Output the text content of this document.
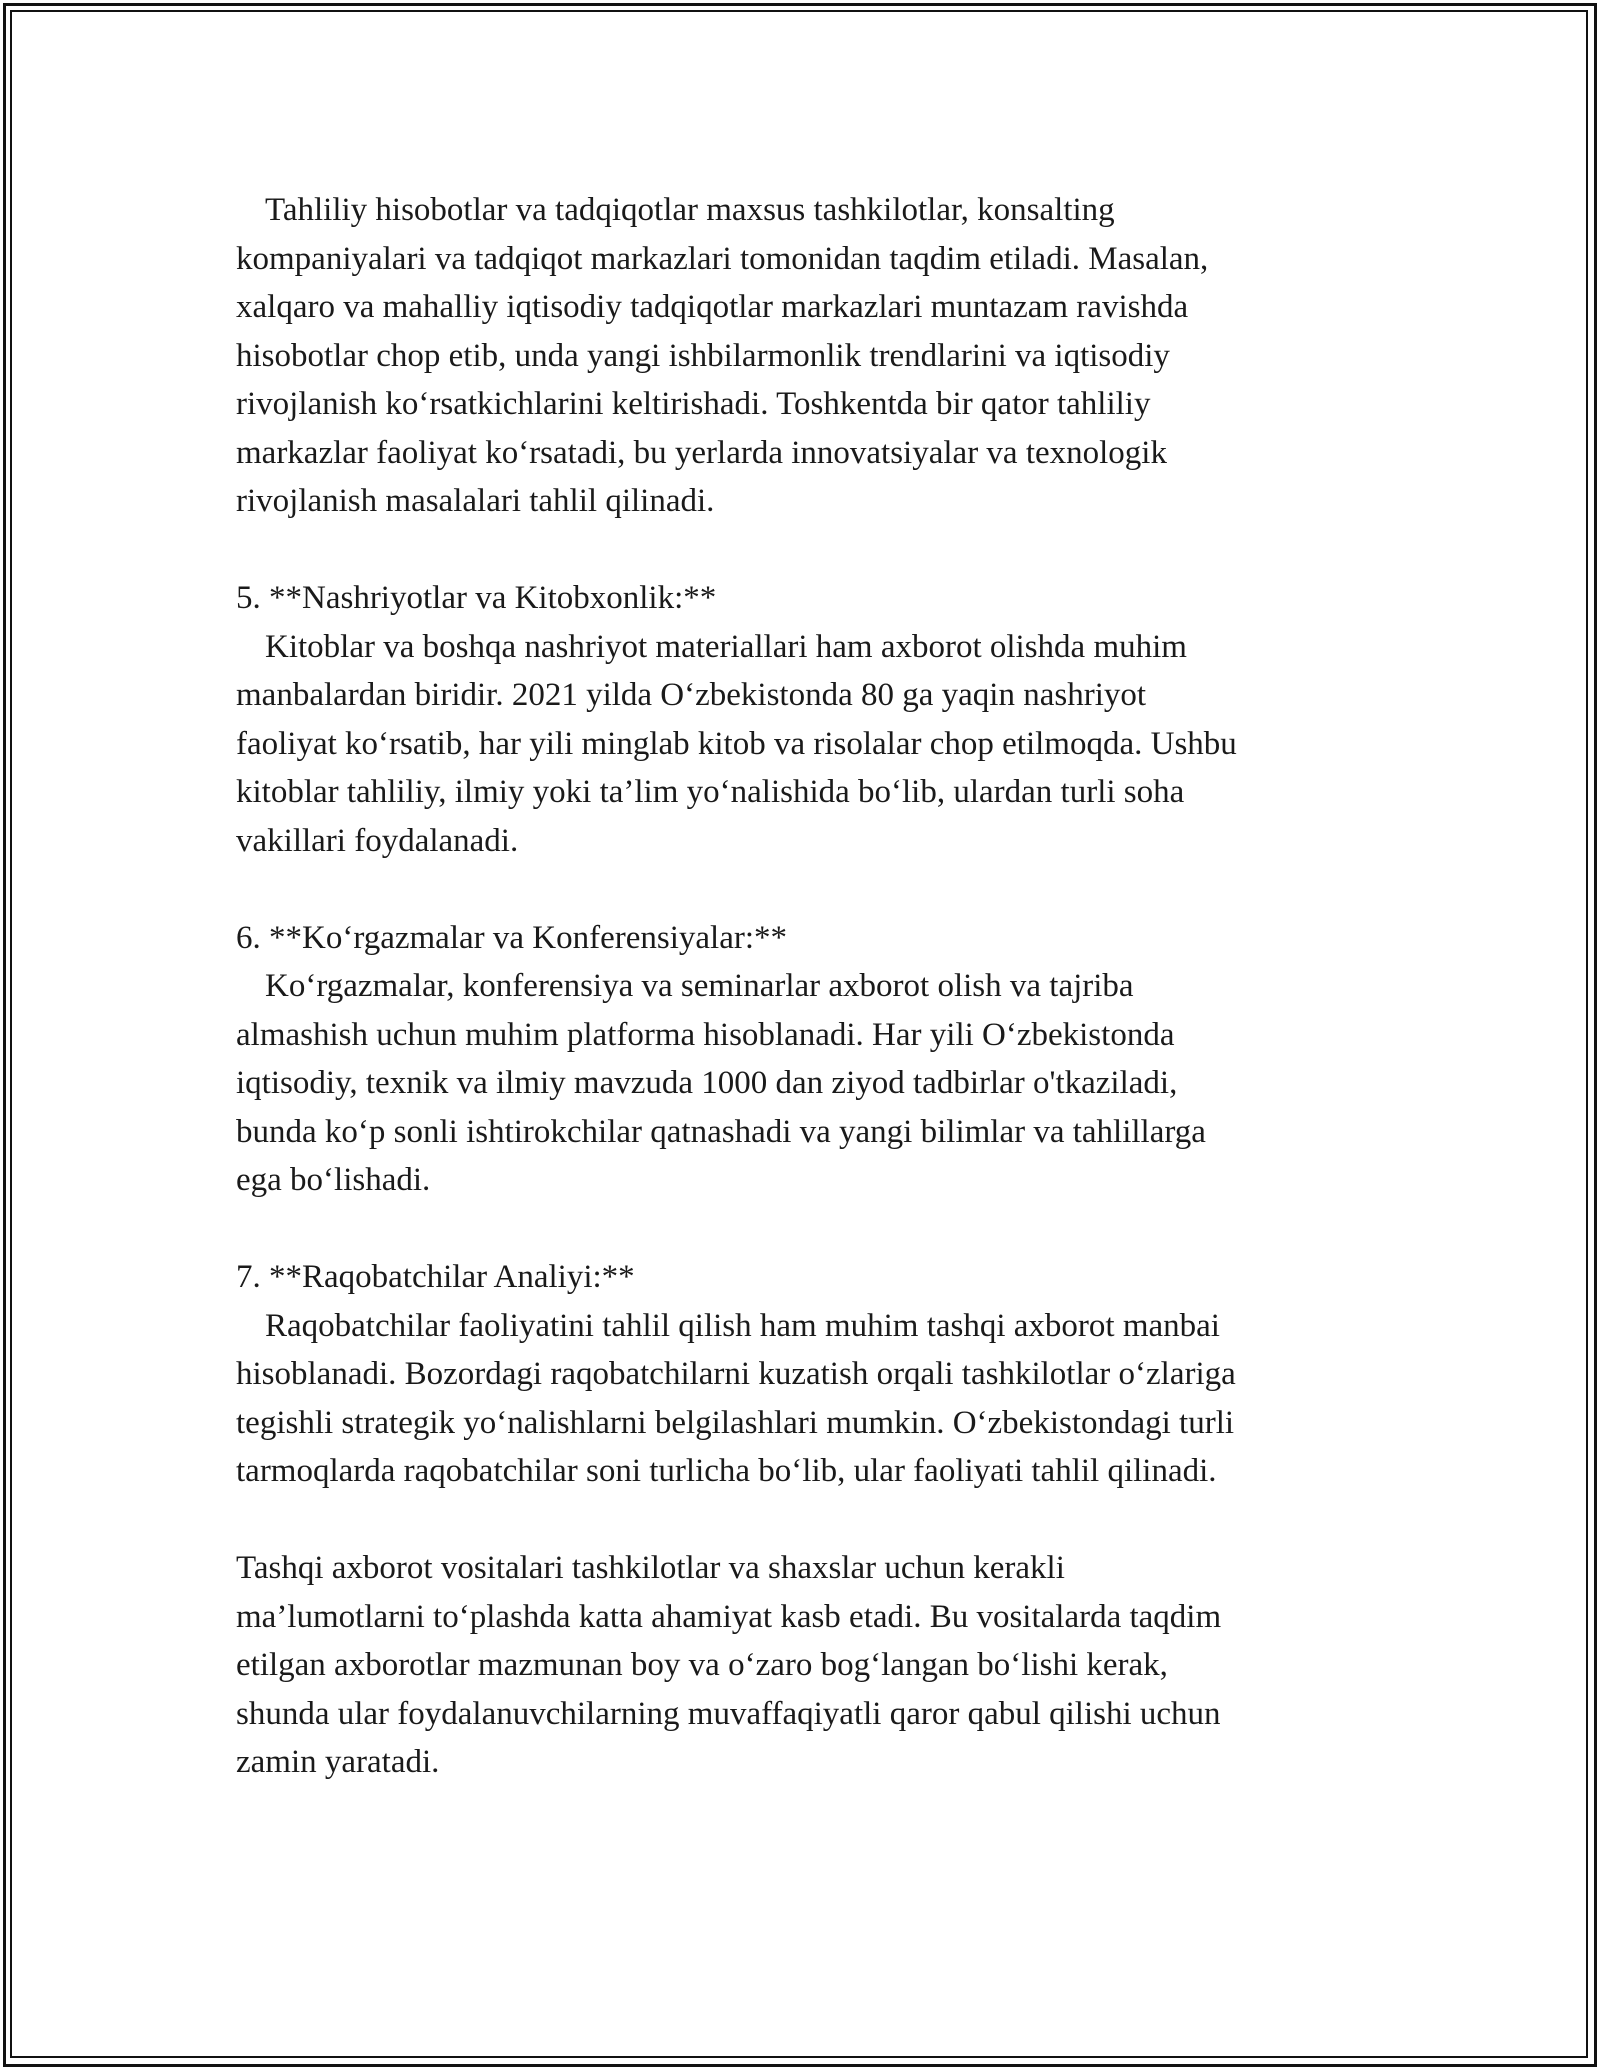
Tahliliy hisobotlar va tadqiqotlar maxsus tashkilotlar, konsalting
kompaniyalari va tadqiqot markazlari tomonidan taqdim etiladi. Masalan,
xalqaro va mahalliy iqtisodiy tadqiqotlar markazlari muntazam ravishda
hisobotlar chop etib, unda yangi ishbilarmonlik trendlarini va iqtisodiy
rivojlanish koʻrsatkichlarini keltirishadi. Toshkentda bir qator tahliliy
markazlar faoliyat koʻrsatadi, bu yerlarda innovatsiyalar va texnologik
rivojlanish masalalari tahlil qilinadi.
5. **Nashriyotlar va Kitobxonlik:**
Kitoblar va boshqa nashriyot materiallari ham axborot olishda muhim
manbalardan biridir. 2021 yilda Oʻzbekistonda 80 ga yaqin nashriyot
faoliyat koʻrsatib, har yili minglab kitob va risolalar chop etilmoqda. Ushbu
kitoblar tahliliy, ilmiy yoki ta’lim yoʻnalishida boʻlib, ulardan turli soha
vakillari foydalanadi.
6. **Koʻrgazmalar va Konferensiyalar:**
Koʻrgazmalar, konferensiya va seminarlar axborot olish va tajriba
almashish uchun muhim platforma hisoblanadi. Har yili Oʻzbekistonda
iqtisodiy, texnik va ilmiy mavzuda 1000 dan ziyod tadbirlar o'tkaziladi,
bunda koʻp sonli ishtirokchilar qatnashadi va yangi bilimlar va tahlillarga
ega boʻlishadi.
7. **Raqobatchilar Analiyi:**
Raqobatchilar faoliyatini tahlil qilish ham muhim tashqi axborot manbai
hisoblanadi. Bozordagi raqobatchilarni kuzatish orqali tashkilotlar oʻzlariga
tegishli strategik yoʻnalishlarni belgilashlari mumkin. Oʻzbekistondagi turli
tarmoqlarda raqobatchilar soni turlicha boʻlib, ular faoliyati tahlil qilinadi.
Tashqi axborot vositalari tashkilotlar va shaxslar uchun kerakli
ma’lumotlarni toʻplashda katta ahamiyat kasb etadi. Bu vositalarda taqdim
etilgan axborotlar mazmunan boy va oʻzaro bogʻlangan boʻlishi kerak,
shunda ular foydalanuvchilarning muvaffaqiyatli qaror qabul qilishi uchun
zamin yaratadi.
